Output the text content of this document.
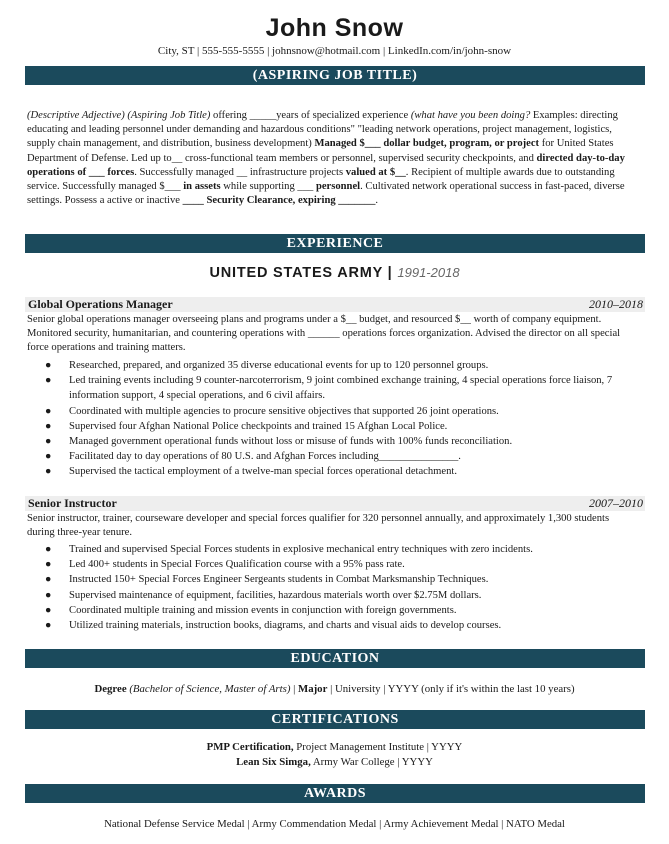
John Snow
City, ST | 555-555-5555 | johnsnow@hotmail.com | LinkedIn.com/in/john-snow
(ASPIRING JOB TITLE)
(Descriptive Adjective) (Aspiring Job Title) offering _____years of specialized experience (what have you been doing? Examples: directing educating and leading personnel under demanding and hazardous conditions" "leading network operations, project management, logistics, supply chain management, and distribution, business development) Managed $___ dollar budget, program, or project for United States Department of Defense. Led up to__ cross-functional team members or personnel, supervised security checkpoints, and directed day-to-day operations of ___ forces. Successfully managed __ infrastructure projects valued at $__. Recipient of multiple awards due to outstanding service. Successfully managed $___ in assets while supporting ___ personnel. Cultivated network operational success in fast-paced, diverse settings. Possess a active or inactive ____ Security Clearance, expiring _______.
EXPERIENCE
UNITED STATES ARMY | 1991-2018
Global Operations Manager	2010–2018
Senior global operations manager overseeing plans and programs under a $__ budget, and resourced $__ worth of company equipment. Monitored security, humanitarian, and countering operations with ______ operations forces organization. Advised the director on all special force operations and training matters.
● Researched, prepared, and organized 35 diverse educational events for up to 120 personnel groups.
● Led training events including 9 counter-narcoterrorism, 9 joint combined exchange training, 4 special operations force liaison, 7 information support, 4 special operations, and 6 civil affairs.
● Coordinated with multiple agencies to procure sensitive objectives that supported 26 joint operations.
● Supervised four Afghan National Police checkpoints and trained 15 Afghan Local Police.
● Managed government operational funds without loss or misuse of funds with 100% funds reconciliation.
● Facilitated day to day operations of 80 U.S. and Afghan Forces including_______________.
● Supervised the tactical employment of a twelve-man special forces operational detachment.
Senior Instructor	2007–2010
Senior instructor, trainer, courseware developer and special forces qualifier for 320 personnel annually, and approximately 1,300 students during three-year tenure.
● Trained and supervised Special Forces students in explosive mechanical entry techniques with zero incidents.
● Led 400+ students in Special Forces Qualification course with a 95% pass rate.
● Instructed 150+ Special Forces Engineer Sergeants students in Combat Marksmanship Techniques.
● Supervised maintenance of equipment, facilities, hazardous materials worth over $2.75M dollars.
● Coordinated multiple training and mission events in conjunction with foreign governments.
● Utilized training materials, instruction books, diagrams, and charts and visual aids to develop courses.
EDUCATION
Degree (Bachelor of Science, Master of Arts) | Major | University | YYYY (only if it's within the last 10 years)
CERTIFICATIONS
PMP Certification, Project Management Institute | YYYY
Lean Six Simga, Army War College | YYYY
AWARDS
National Defense Service Medal | Army Commendation Medal | Army Achievement Medal | NATO Medal
